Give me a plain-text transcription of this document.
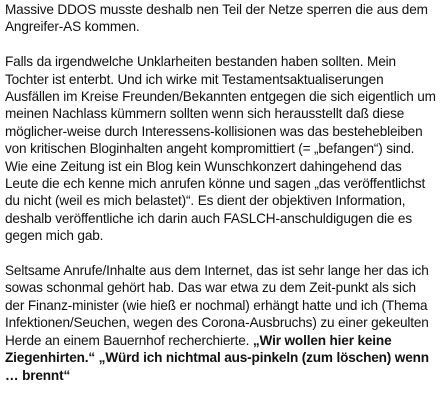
Massive DDOS musste deshalb nen Teil der Netze sperren die aus dem Angreifer-AS kommen.

Falls da irgendwelche Unklarheiten bestanden haben sollten. Mein Tochter ist enterbt. Und ich wirke mit Testamentsaktualiserungen Ausfällen im Kreise Freunden/Bekannten entgegen die sich eigentlich um meinen Nachlass kümmern sollten wenn sich herausstellt daß diese möglicher-weise durch Interessens-kollisionen was das bestehebleiben von kritischen Bloginhalten angeht kompromittiert (= „befangen“) sind. Wie eine Zeitung ist ein Blog kein Wunschkonzert dahingehend das Leute die ech kenne mich anrufen könne und sagen „das veröffentlichst du nicht (weil es mich belastet)“. Es dient der objektiven Information, deshalb veröffentliche ich darin auch FASLCH-anschuldigugen die es gegen mich gab.

Seltsame Anrufe/Inhalte aus dem Internet, das ist sehr lange her das ich sowas schonmal gehört hab. Das war etwa zu dem Zeit-punkt als sich der Finanz-minister (wie hieß er nochmal) erhängt hatte und ich (Thema Infektionen/Seuchen, wegen des Corona-Ausbruchs) zu einer gekeulten Herde an einem Bauernhof recherchierte. „Wir wollen hier keine Ziegenhirten.“ „Würd ich nichtmal aus-pinkeln (zum löschen) wenn … brennt“
